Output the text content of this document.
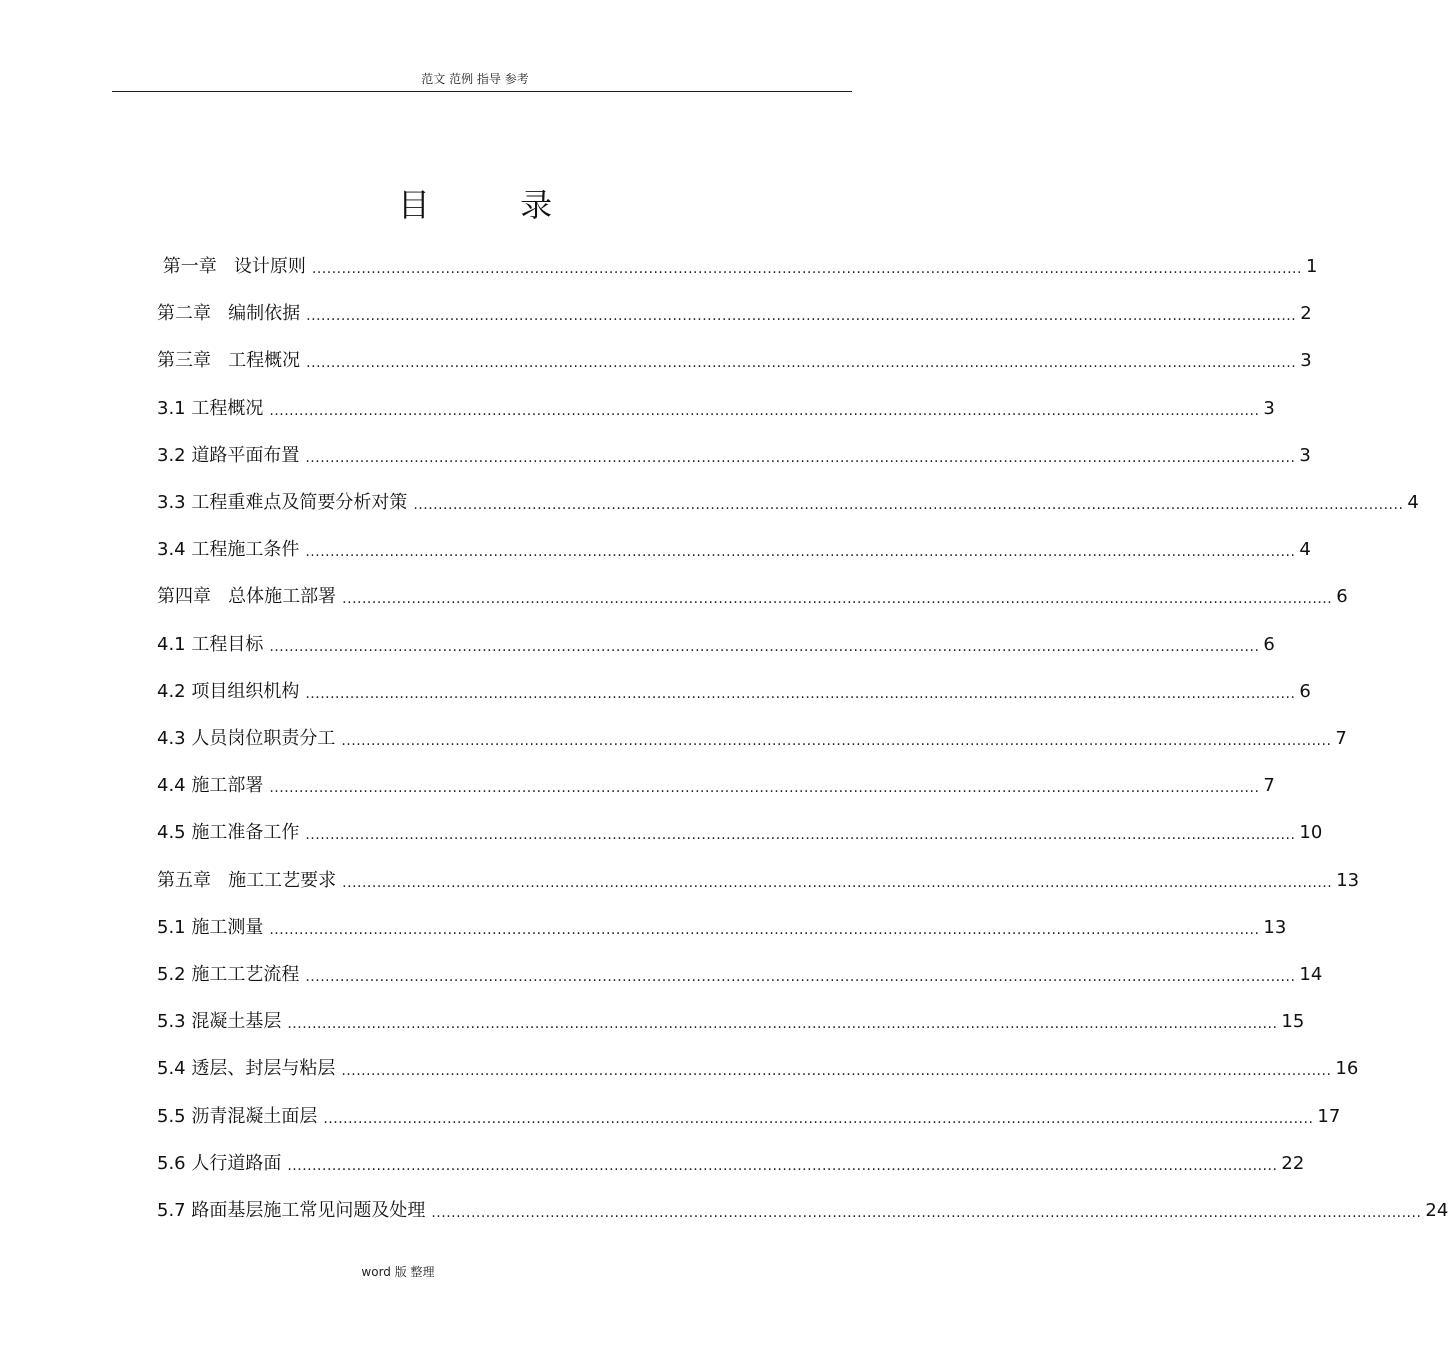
范文 范例 指导 参考
目 录
第一章   设计原则 ........................................................................................................................................................................................................ 1
第二章   编制依据 ........................................................................................................................................................................................................ 2
第三章   工程概况 ........................................................................................................................................................................................................ 3
3.1 工程概况 ........................................................................................................................................................................................................ 3
3.2 道路平面布置 ........................................................................................................................................................................................................ 3
3.3 工程重难点及简要分析对策 ........................................................................................................................................................................................................ 4
3.4 工程施工条件 ........................................................................................................................................................................................................ 4
第四章   总体施工部署 ........................................................................................................................................................................................................ 6
4.1 工程目标 ........................................................................................................................................................................................................ 6
4.2 项目组织机构 ........................................................................................................................................................................................................ 6
4.3 人员岗位职责分工 ........................................................................................................................................................................................................ 7
4.4 施工部署 ........................................................................................................................................................................................................ 7
4.5 施工准备工作 ........................................................................................................................................................................................................ 10
第五章   施工工艺要求 ........................................................................................................................................................................................................ 13
5.1 施工测量 ........................................................................................................................................................................................................ 13
5.2 施工工艺流程 ........................................................................................................................................................................................................ 14
5.3 混凝土基层 ........................................................................................................................................................................................................ 15
5.4 透层、封层与粘层 ........................................................................................................................................................................................................ 16
5.5 沥青混凝土面层 ........................................................................................................................................................................................................ 17
5.6 人行道路面 ........................................................................................................................................................................................................ 22
5.7 路面基层施工常见问题及处理 ........................................................................................................................................................................................................ 24
word 版 整理
